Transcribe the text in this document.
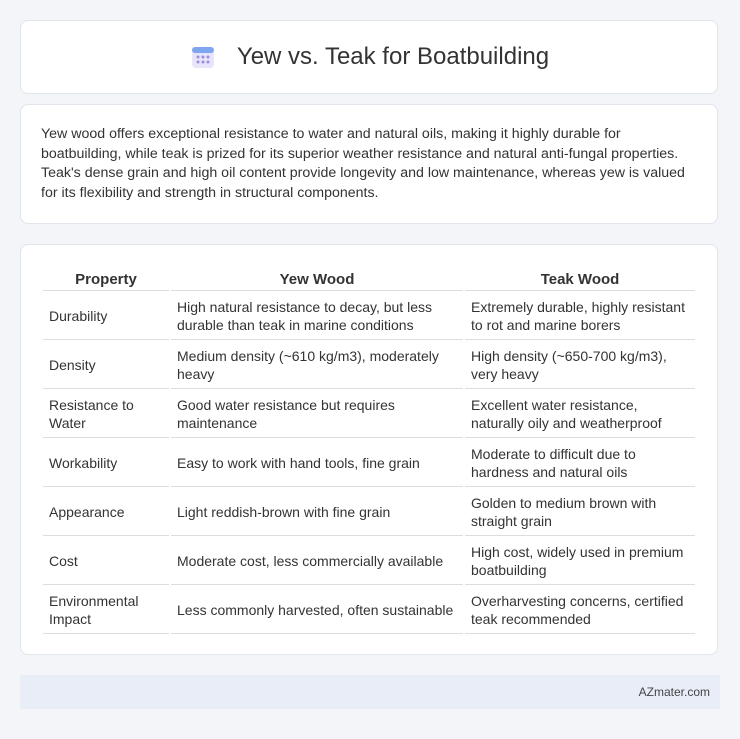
Yew vs. Teak for Boatbuilding

Yew wood offers exceptional resistance to water and natural oils, making it highly durable for boatbuilding, while teak is prized for its superior weather resistance and natural anti-fungal properties. Teak's dense grain and high oil content provide longevity and low maintenance, whereas yew is valued for its flexibility and strength in structural components.

Property	Yew Wood	Teak Wood
Durability	High natural resistance to decay, but less durable than teak in marine conditions	Extremely durable, highly resistant to rot and marine borers
Density	Medium density (~610 kg/m3), moderately heavy	High density (~650-700 kg/m3), very heavy
Resistance to Water	Good water resistance but requires maintenance	Excellent water resistance, naturally oily and weatherproof
Workability	Easy to work with hand tools, fine grain	Moderate to difficult due to hardness and natural oils
Appearance	Light reddish-brown with fine grain	Golden to medium brown with straight grain
Cost	Moderate cost, less commercially available	High cost, widely used in premium boatbuilding
Environmental Impact	Less commonly harvested, often sustainable	Overharvesting concerns, certified teak recommended
AZmater.com
